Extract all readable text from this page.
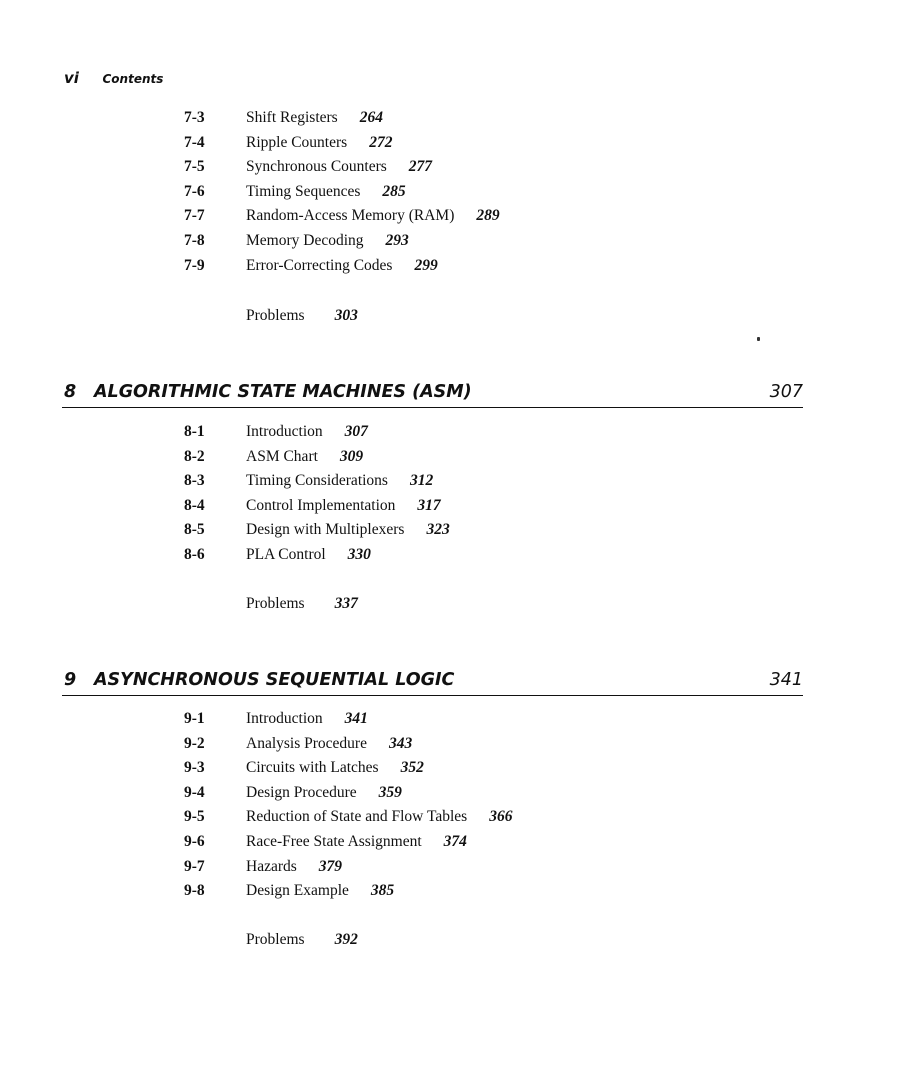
vi Contents
7-3	Shift Registers 264
7-4	Ripple Counters 272
7-5	Synchronous Counters 277
7-6	Timing Sequences 285
7-7	Random-Access Memory (RAM) 289
7-8	Memory Decoding 293
7-9	Error-Correcting Codes 299
Problems 303
8 ALGORITHMIC STATE MACHINES (ASM)	307
8-1	Introduction 307
8-2	ASM Chart 309
8-3	Timing Considerations 312
8-4	Control Implementation 317
8-5	Design with Multiplexers 323
8-6	PLA Control 330
Problems 337
9 ASYNCHRONOUS SEQUENTIAL LOGIC	341
9-1	Introduction 341
9-2	Analysis Procedure 343
9-3	Circuits with Latches 352
9-4	Design Procedure 359
9-5	Reduction of State and Flow Tables 366
9-6	Race-Free State Assignment 374
9-7	Hazards 379
9-8	Design Example 385
Problems 392
